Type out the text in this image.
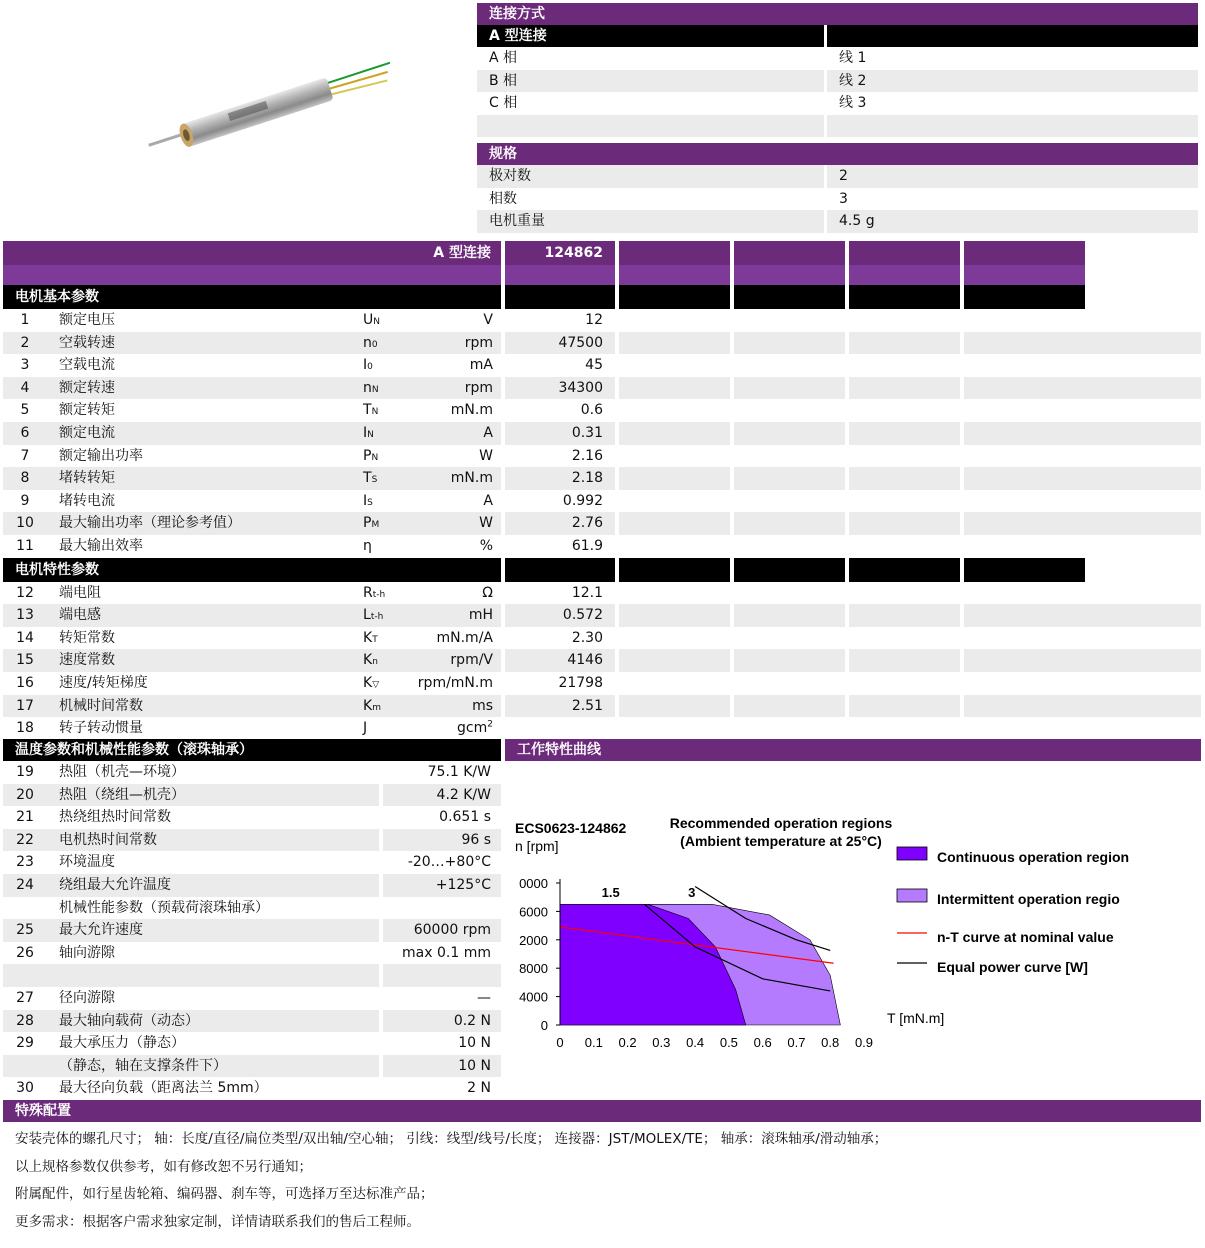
连接方式
A 型连接
A 相	线 1
B 相	线 2
C 相	线 3
规格
极对数	2
相数	3
电机重量	4.5 g
A 型连接	124862
电机基本参数
1	额定电压	UN	V	12
2	空载转速	n0	rpm	47500
3	空载电流	I0	mA	45
4	额定转速	nN	rpm	34300
5	额定转矩	TN	mN.m	0.6
6	额定电流	IN	A	0.31
7	额定输出功率	PN	W	2.16
8	堵转转矩	TS	mN.m	2.18
9	堵转电流	IS	A	0.992
10	最大输出功率（理论参考值）	PM	W	2.76
11	最大输出效率	η	%	61.9
电机特性参数
12	端电阻	Rt-h	Ω	12.1
13	端电感	Lt-h	mH	0.572
14	转矩常数	KT	mN.m/A	2.30
15	速度常数	Kn	rpm/V	4146
16	速度/转矩梯度	K▽	rpm/mN.m	21798
17	机械时间常数	Km	ms	2.51
18	转子转动惯量	J	gcm$^2$
温度参数和机械性能参数（滚珠轴承）	工作特性曲线
19	热阻（机壳—环境）	75.1 K/W
20	热阻（绕组—机壳）	4.2 K/W
21	热绕组热时间常数	0.651 s
22	电机热时间常数	96 s
23	环境温度	-20…+80°C
24	绕组最大允许温度	+125°C
机械性能参数（预载荷滚珠轴承）
25	最大允许速度	60000 rpm
26	轴向游隙	max 0.1 mm
27	径向游隙	—
28	最大轴向载荷（动态）	0.2 N
29	最大承压力（静态）	10 N
（静态，轴在支撑条件下）	10 N
30	最大径向负载（距离法兰 5mm）	2 N
ECS0623-124862
n [rpm]
Recommended operation regions
(Ambient temperature at 25°C)
T [mN.m]
1.5	3
0 0.1 0.2 0.3 0.4 0.5 0.6 0.7 0.8 0.9
0
4000
8000
2000
6000
0000
Continuous operation region
Intermittent operation regio
n-T curve at nominal value
Equal power curve [W]
特殊配置
安装壳体的螺孔尺寸； 轴：长度/直径/扁位类型/双出轴/空心轴； 引线：线型/线号/长度； 连接器：JST/MOLEX/TE； 轴承：滚珠轴承/滑动轴承；
以上规格参数仅供参考，如有修改恕不另行通知；
附属配件，如行星齿轮箱、编码器、刹车等，可选择万至达标准产品；
更多需求：根据客户需求独家定制，详情请联系我们的售后工程师。
